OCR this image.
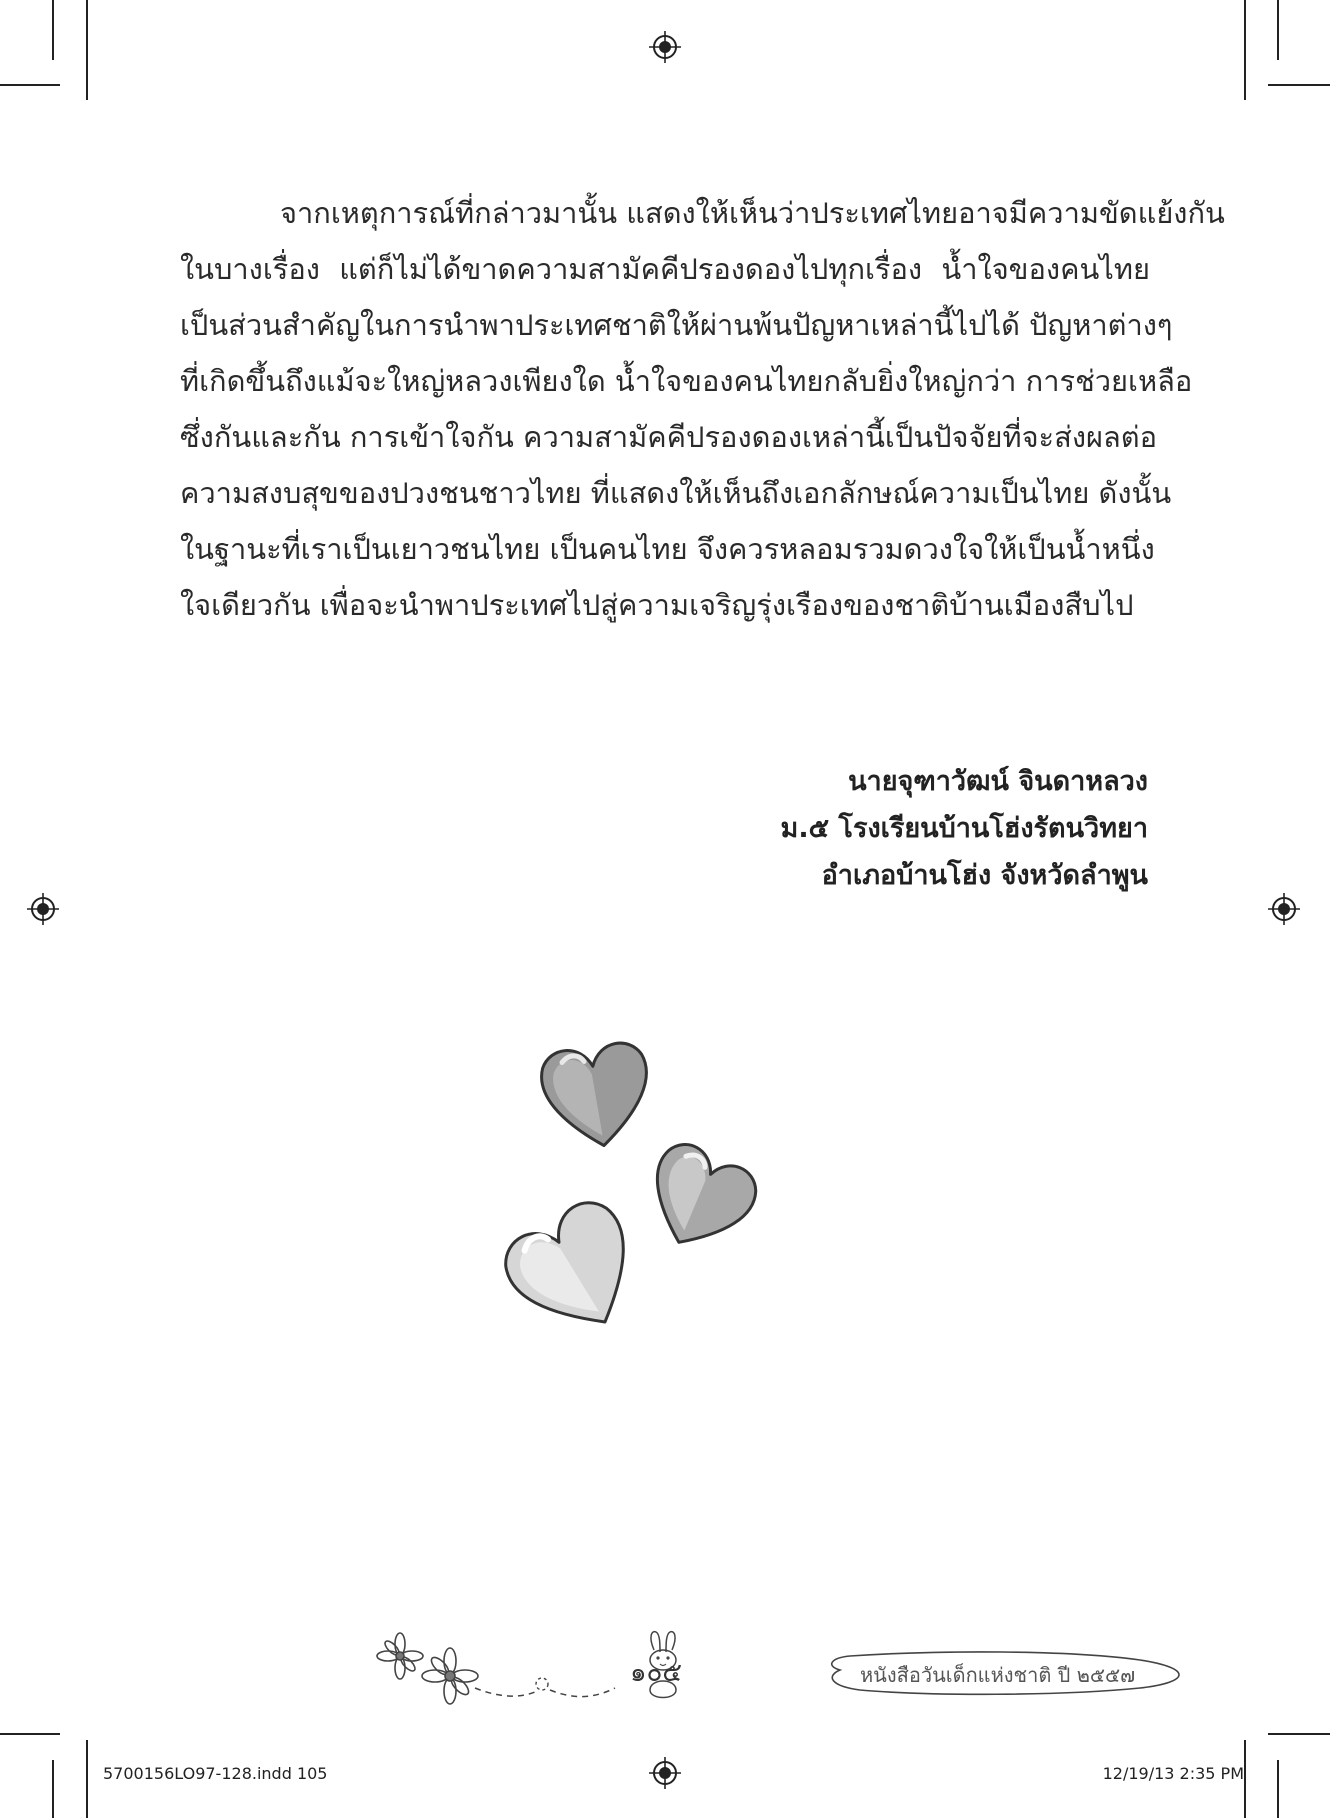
จากเหตุการณ์ที่กล่าวมานั้น แสดงให้เห็นว่าประเทศไทยอาจมีความขัดแย้งกัน
ในบางเรื่อง แต่ก็ไม่ได้ขาดความสามัคคีปรองดองไปทุกเรื่อง น้ำใจของคนไทย
เป็นส่วนสำคัญในการนำพาประเทศชาติให้ผ่านพ้นปัญหาเหล่านี้ไปได้ ปัญหาต่างๆ
ที่เกิดขึ้นถึงแม้จะใหญ่หลวงเพียงใด น้ำใจของคนไทยกลับยิ่งใหญ่กว่า การช่วยเหลือ
ซึ่งกันและกัน การเข้าใจกัน ความสามัคคีปรองดองเหล่านี้เป็นปัจจัยที่จะส่งผลต่อ
ความสงบสุขของปวงชนชาวไทย ที่แสดงให้เห็นถึงเอกลักษณ์ความเป็นไทย ดังนั้น
ในฐานะที่เราเป็นเยาวชนไทย เป็นคนไทย จึงควรหลอมรวมดวงใจให้เป็นน้ำหนึ่ง
ใจเดียวกัน เพื่อจะนำพาประเทศไปสู่ความเจริญรุ่งเรืองของชาติบ้านเมืองสืบไป
นายจุฑาวัฒน์ จินดาหลวง
ม.๕ โรงเรียนบ้านโฮ่งรัตนวิทยา
อำเภอบ้านโฮ่ง จังหวัดลำพูน
๑๐๕	หนังสือวันเด็กแห่งชาติ ปี ๒๕๕๗
5700156LO97-128.indd 105	12/19/13 2:35 PM
